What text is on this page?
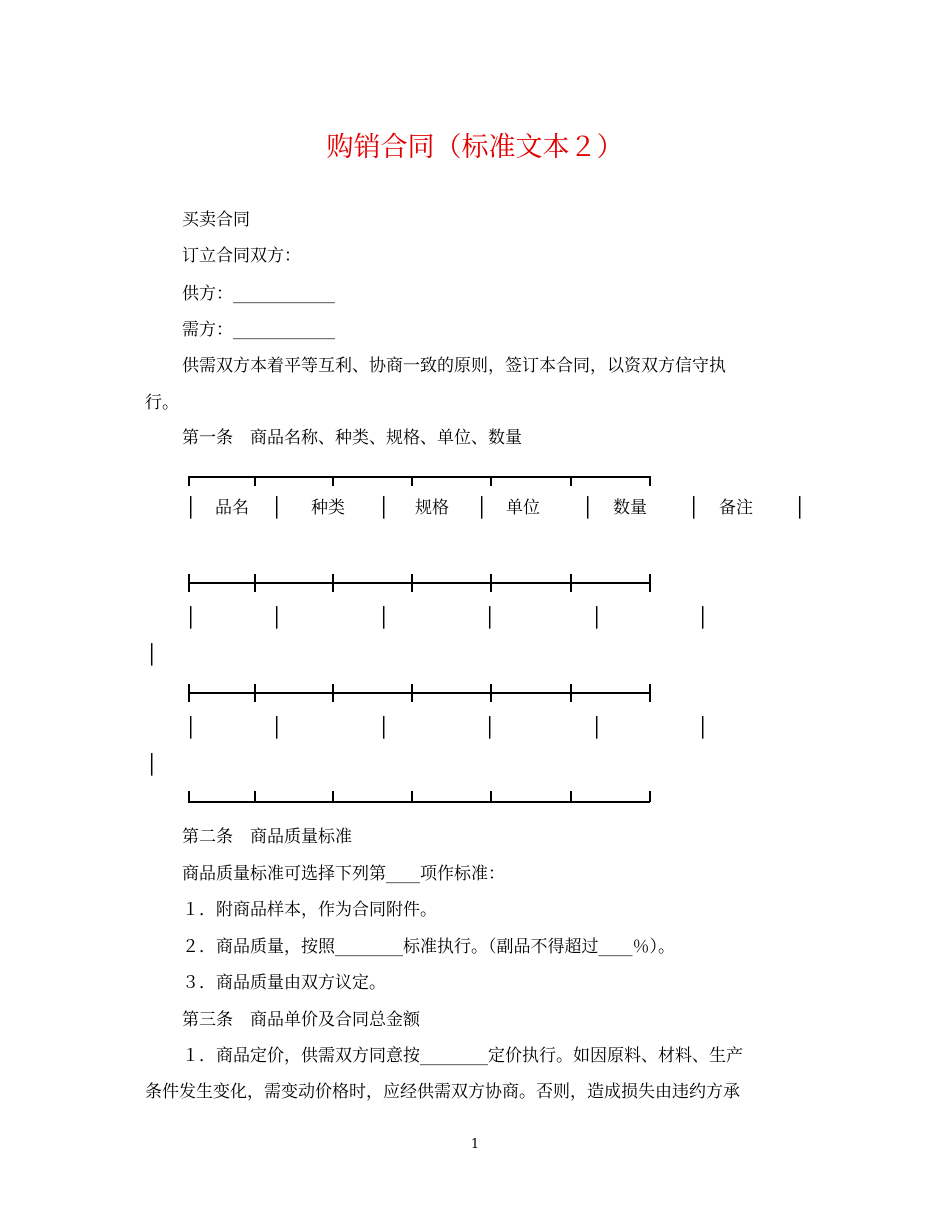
购销合同（标准文本２）
买卖合同
订立合同双方：
供方：____________
需方：____________
供需双方本着平等互利、协商一致的原则，签订本合同，以资双方信守执
行。
第一条　商品名称、种类、规格、单位、数量
│	品名	│	种类	│	规格	│	单位	│	数量	│	备注	│
│	│	│	│	│	│
│
│	│	│	│	│	│
│
第二条　商品质量标准
商品质量标准可选择下列第____项作标准：
１．附商品样本，作为合同附件。
２．商品质量，按照________标准执行。（副品不得超过____％）。
３．商品质量由双方议定。
第三条　商品单价及合同总金额
１．商品定价，供需双方同意按________定价执行。如因原料、材料、生产
条件发生变化，需变动价格时，应经供需双方协商。否则，造成损失由违约方承
1
